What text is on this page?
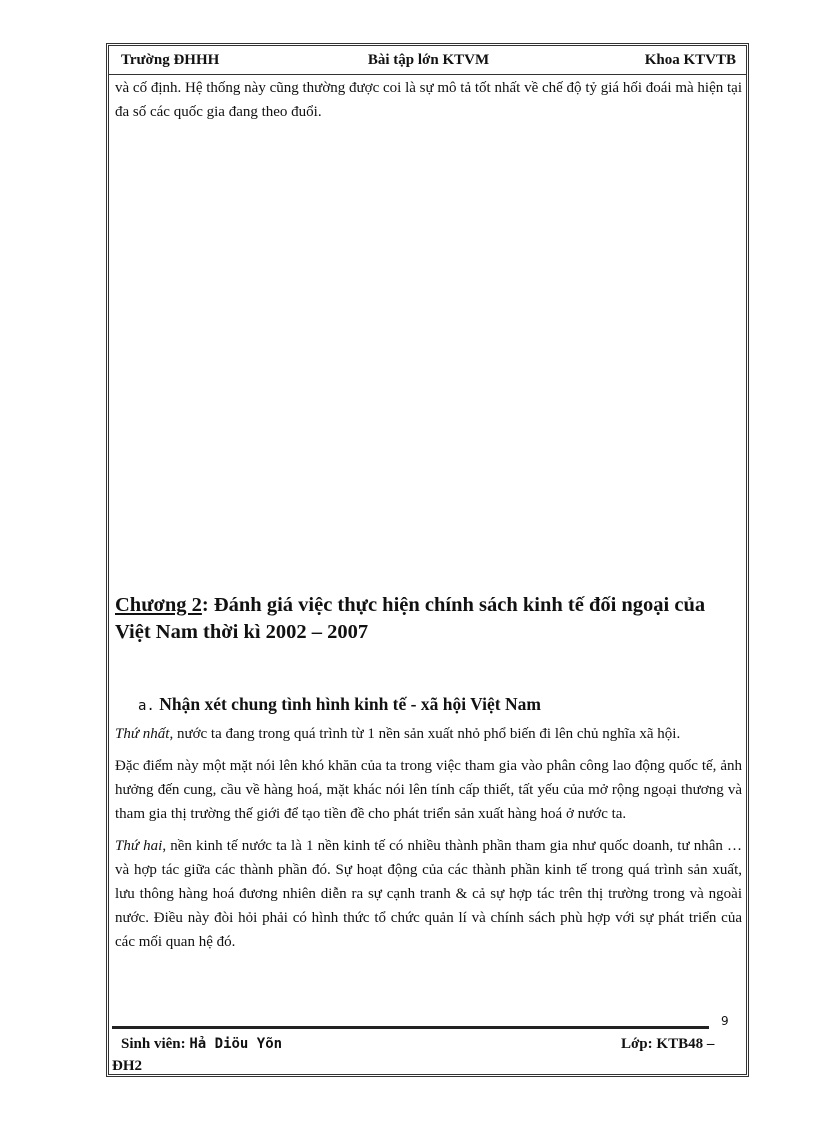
Trường ĐHHH	Bài tập lớn KTVM	Khoa KTVTB

và cố định. Hệ thống này cũng thường được coi là sự mô tả tốt nhất về chế độ tỷ giá hối đoái mà hiện tại đa số các quốc gia đang theo đuổi.

Chương 2: Đánh giá việc thực hiện chính sách kinh tế đối ngoại của Việt Nam thời kì 2002 – 2007
a. Nhận xét chung tình hình kinh tế - xã hội Việt Nam

Thứ nhất, nước ta đang trong quá trình từ 1 nền sản xuất nhỏ phổ biến đi lên chủ nghĩa xã hội.

Đặc điểm này một mặt nói lên khó khăn của ta trong việc tham gia vào phân công lao động quốc tế, ảnh hưởng đến cung, cầu về hàng hoá, mặt khác nói lên tính cấp thiết, tất yếu của mở rộng ngoại thương và tham gia thị trường thế giới để tạo tiền đề cho phát triển sản xuất hàng hoá ở nước ta.

Thứ hai, nền kinh tế nước ta là 1 nền kinh tế có nhiều thành phần tham gia như quốc doanh, tư nhân …và hợp tác giữa các thành phần đó. Sự hoạt động của các thành phần kinh tế trong quá trình sản xuất, lưu thông hàng hoá đương nhiên diễn ra sự cạnh tranh & cả sự hợp tác trên thị trường trong và ngoài nước. Điều này đòi hỏi phải có hình thức tổ chức quản lí và chính sách phù hợp với sự phát triển của các mối quan hệ đó.

9
Sinh viên: Hả Diöu Yõn	Lớp: KTB48 –
ĐH2
